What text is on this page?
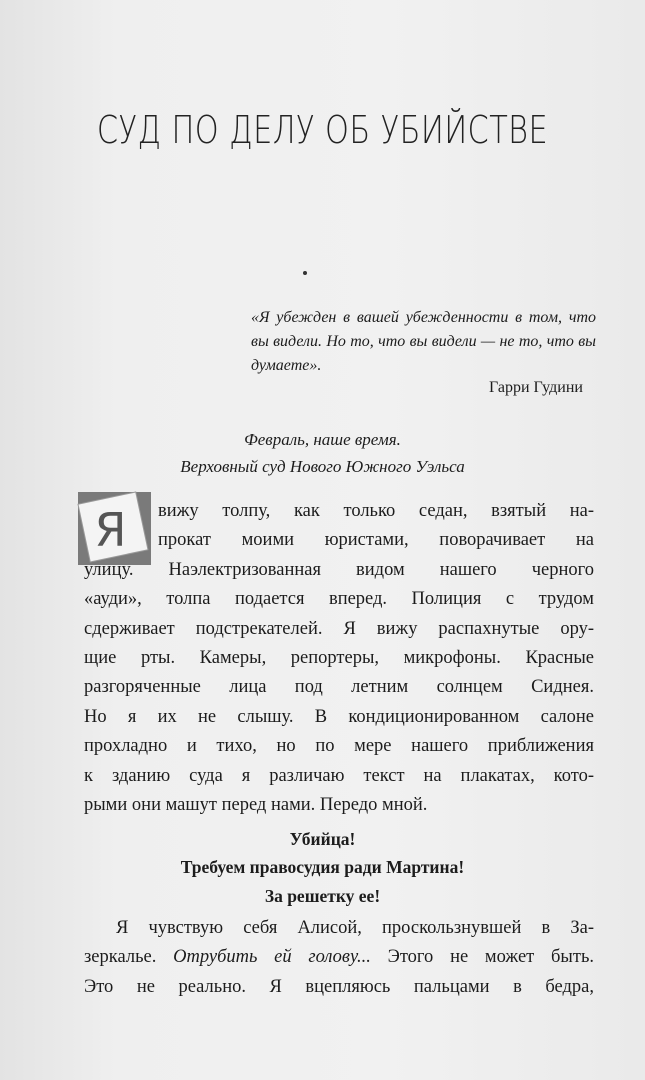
СУД ПО ДЕЛУ ОБ УБИЙСТВЕ
«Я убежден в вашей убежденности в том, что вы видели. Но то, что вы видели — не то, что вы думаете».
Гарри Гудини
Февраль, наше время.
Верховный суд Нового Южного Уэльса
Я	вижу толпу, как только седан, взятый на-

прокат моими юристами, поворачивает на

улицу. Наэлектризованная видом нашего черного

«ауди», толпа подается вперед. Полиция с трудом

сдерживает подстрекателей. Я вижу распахнутые ору-

щие рты. Камеры, репортеры, микрофоны. Красные

разгоряченные лица под летним солнцем Сиднея.

Но я их не слышу. В кондиционированном салоне

прохладно и тихо, но по мере нашего приближения

к зданию суда я различаю текст на плакатах, кото-

рыми они машут перед нами. Передо мной.

Убийца!
Требуем правосудия ради Мартина!
За решетку ее!

Я чувствую себя Алисой, проскользнувшей в За-

зеркалье. Отрубить ей голову... Этого не может быть.

Это не реально. Я вцепляюсь пальцами в бедра,
